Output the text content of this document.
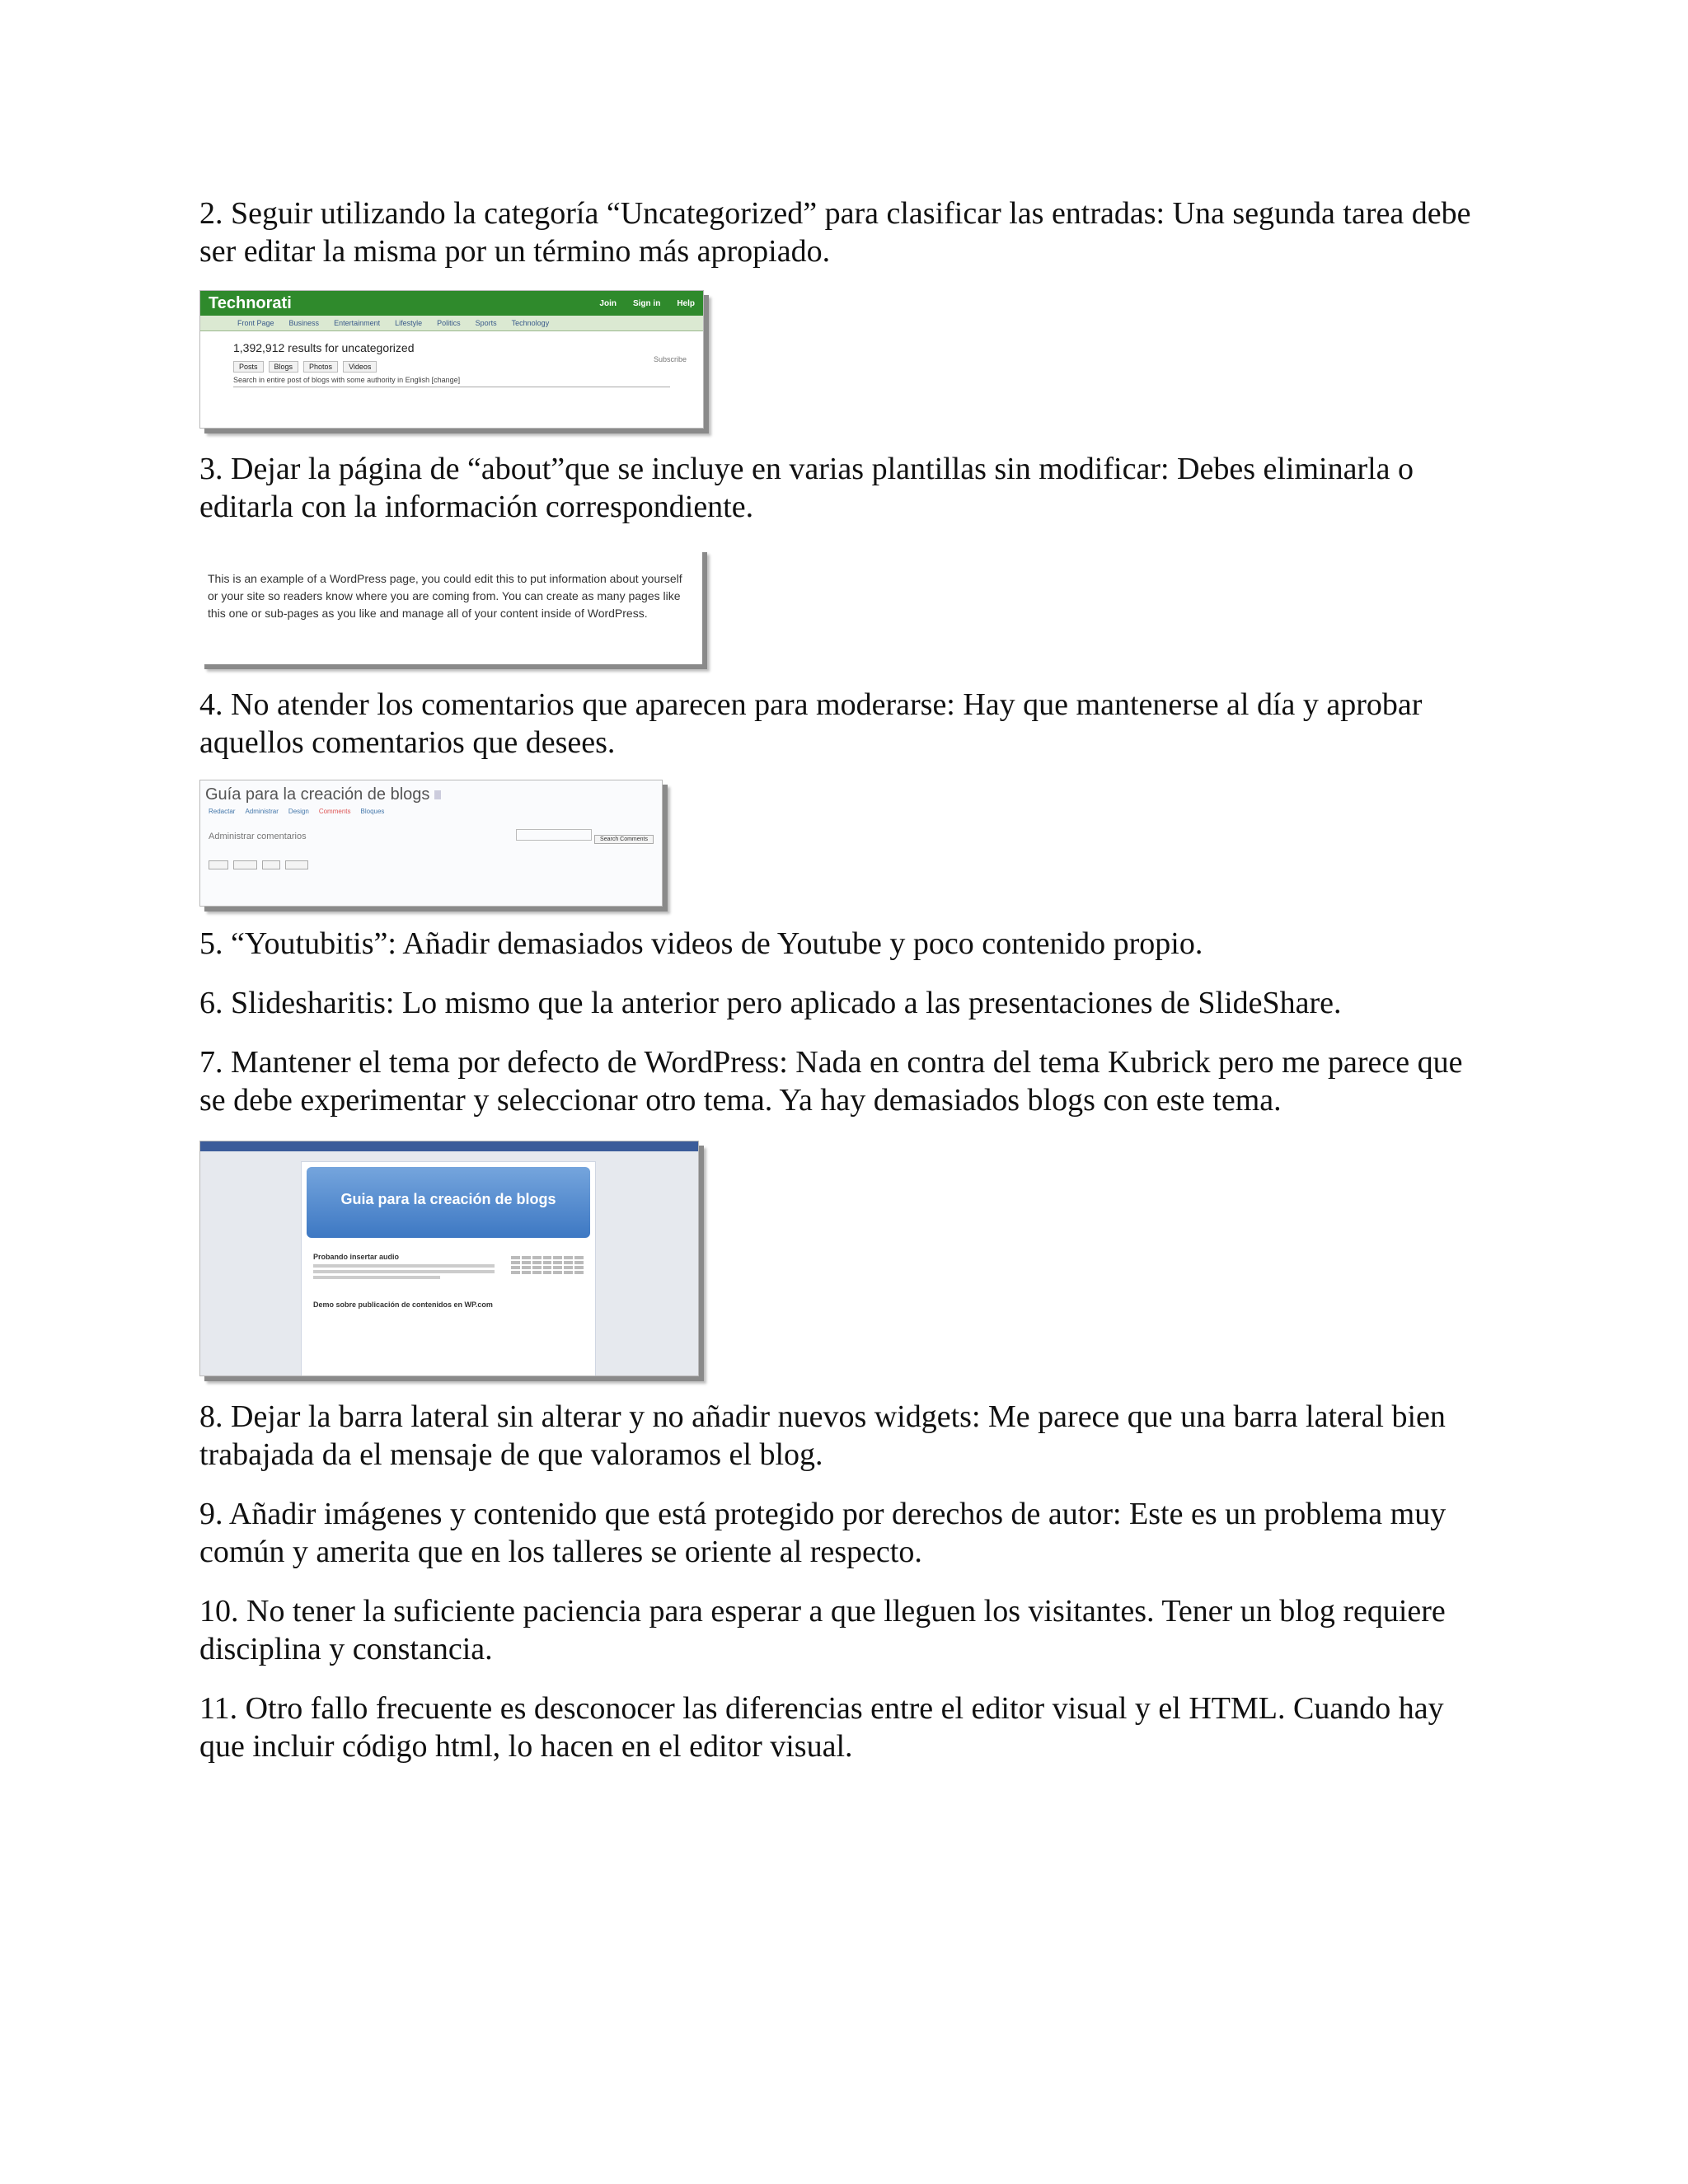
2. Seguir utilizando la categoría “Uncategorized” para clasificar las entradas: Una segunda tarea debe ser editar la misma por un término más apropiado.

Technorati	Join Sign in Help
Front Page Business Entertainment Lifestyle Politics Sports Technology
1,392,912 results for uncategorized
Posts	Blogs	Photos	Videos
Search in entire post of blogs with some authority in English [change]
Subscribe

3. Dejar la página de “about”que se incluye en varias plantillas sin modificar: Debes eliminarla o editarla con la información correspondiente.

This is an example of a WordPress page, you could edit this to put information about yourself or your site so readers know where you are coming from. You can create as many pages like this one or sub-pages as you like and manage all of your content inside of WordPress.

4. No atender los comentarios que aparecen para moderarse: Hay que mantenerse al día y aprobar aquellos comentarios que desees.

Guía para la creación de blogs
Redactar Administrar Design Comments Bloques

Administrar comentarios	Search Comments

5. “Youtubitis”: Añadir demasiados videos de Youtube y poco contenido propio.

6. Slidesharitis: Lo mismo que la anterior pero aplicado a las presentaciones de SlideShare.

7. Mantener el tema por defecto de WordPress: Nada en contra del tema Kubrick pero me parece que se debe experimentar y seleccionar otro tema. Ya hay demasiados blogs con este tema.

Guia para la creación de blogs
Probando insertar audio
Demo sobre publicación de contenidos en WP.com

8. Dejar la barra lateral sin alterar y no añadir nuevos widgets: Me parece que una barra lateral bien trabajada da el mensaje de que valoramos el blog.

9. Añadir imágenes y contenido que está protegido por derechos de autor: Este es un problema muy común y amerita que en los talleres se oriente al respecto.

10. No tener la suficiente paciencia para esperar a que lleguen los visitantes. Tener un blog requiere disciplina y constancia.

11. Otro fallo frecuente es desconocer las diferencias entre el editor visual y el HTML. Cuando hay que incluir código html, lo hacen en el editor visual.
